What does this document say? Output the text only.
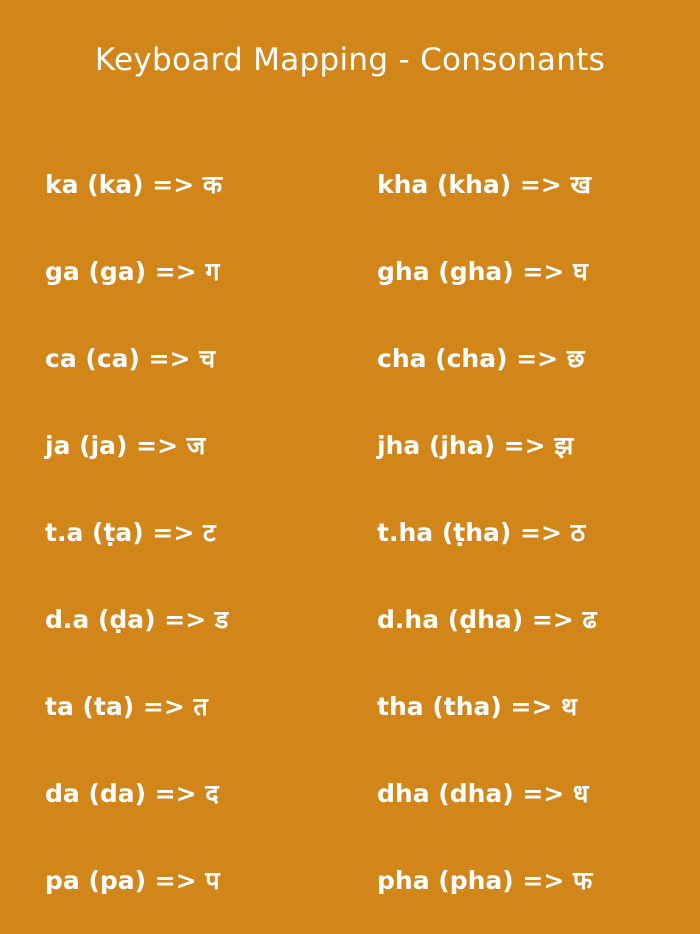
Keyboard Mapping - Consonants
ka (ka) => क	kha (kha) => ख
ga (ga) => ग	gha (gha) => घ
ca (ca) => च	cha (cha) => छ
ja (ja) => ज	jha (jha) => झ
t.a (ṭa) => ट	t.ha (ṭha) => ठ
d.a (ḍa) => ड	d.ha (ḍha) => ढ
ta (ta) => त	tha (tha) => थ
da (da) => द	dha (dha) => ध
pa (pa) => प	pha (pha) => फ
